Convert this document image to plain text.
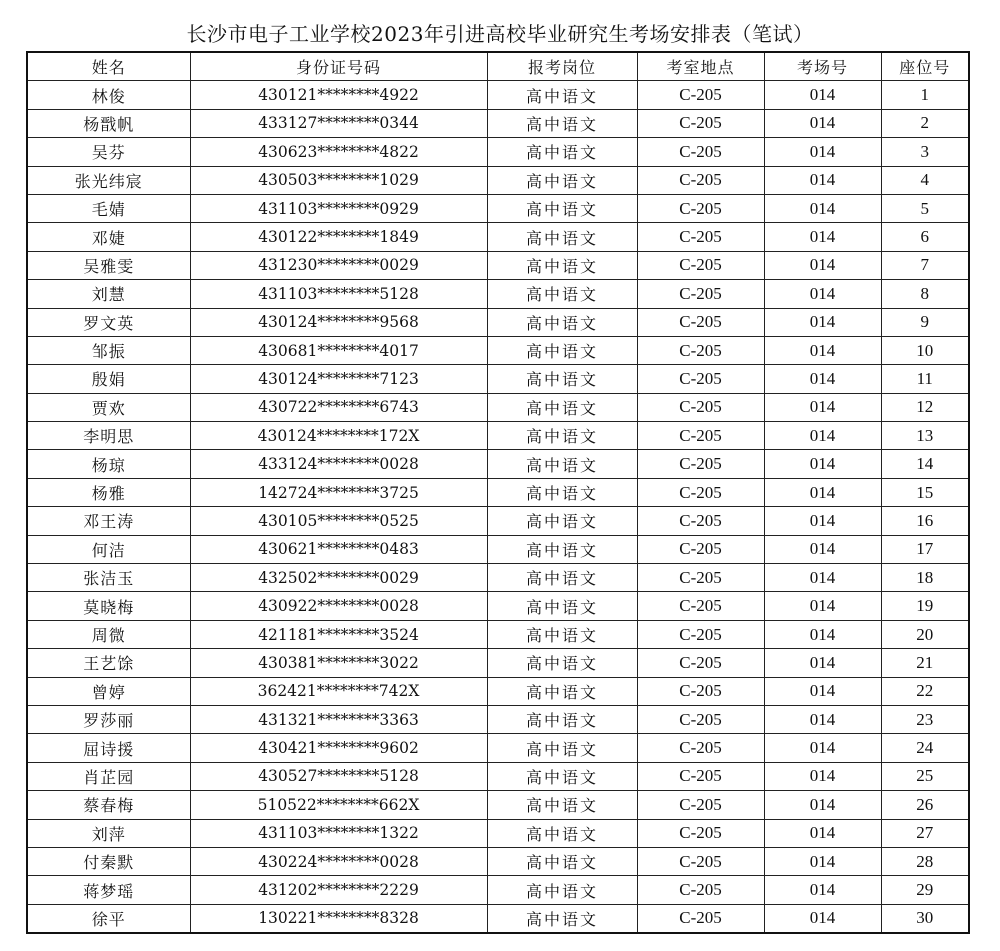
长沙市电子工业学校2023年引进高校毕业研究生考场安排表（笔试）
姓名	身份证号码	报考岗位	考室地点	考场号	座位号
林俊	430121********4922	高中语文	C-205	014	1
杨戬帆	433127********0344	高中语文	C-205	014	2
吴芬	430623********4822	高中语文	C-205	014	3
张光纬宸	430503********1029	高中语文	C-205	014	4
毛婧	431103********0929	高中语文	C-205	014	5
邓婕	430122********1849	高中语文	C-205	014	6
吴雅雯	431230********0029	高中语文	C-205	014	7
刘慧	431103********5128	高中语文	C-205	014	8
罗文英	430124********9568	高中语文	C-205	014	9
邹振	430681********4017	高中语文	C-205	014	10
殷娟	430124********7123	高中语文	C-205	014	11
贾欢	430722********6743	高中语文	C-205	014	12
李明思	430124********172X	高中语文	C-205	014	13
杨琼	433124********0028	高中语文	C-205	014	14
杨雅	142724********3725	高中语文	C-205	014	15
邓王涛	430105********0525	高中语文	C-205	014	16
何洁	430621********0483	高中语文	C-205	014	17
张洁玉	432502********0029	高中语文	C-205	014	18
莫晓梅	430922********0028	高中语文	C-205	014	19
周微	421181********3524	高中语文	C-205	014	20
王艺馀	430381********3022	高中语文	C-205	014	21
曾婷	362421********742X	高中语文	C-205	014	22
罗莎丽	431321********3363	高中语文	C-205	014	23
屈诗援	430421********9602	高中语文	C-205	014	24
肖芷园	430527********5128	高中语文	C-205	014	25
蔡春梅	510522********662X	高中语文	C-205	014	26
刘萍	431103********1322	高中语文	C-205	014	27
付秦默	430224********0028	高中语文	C-205	014	28
蒋梦瑶	431202********2229	高中语文	C-205	014	29
徐平	130221********8328	高中语文	C-205	014	30
